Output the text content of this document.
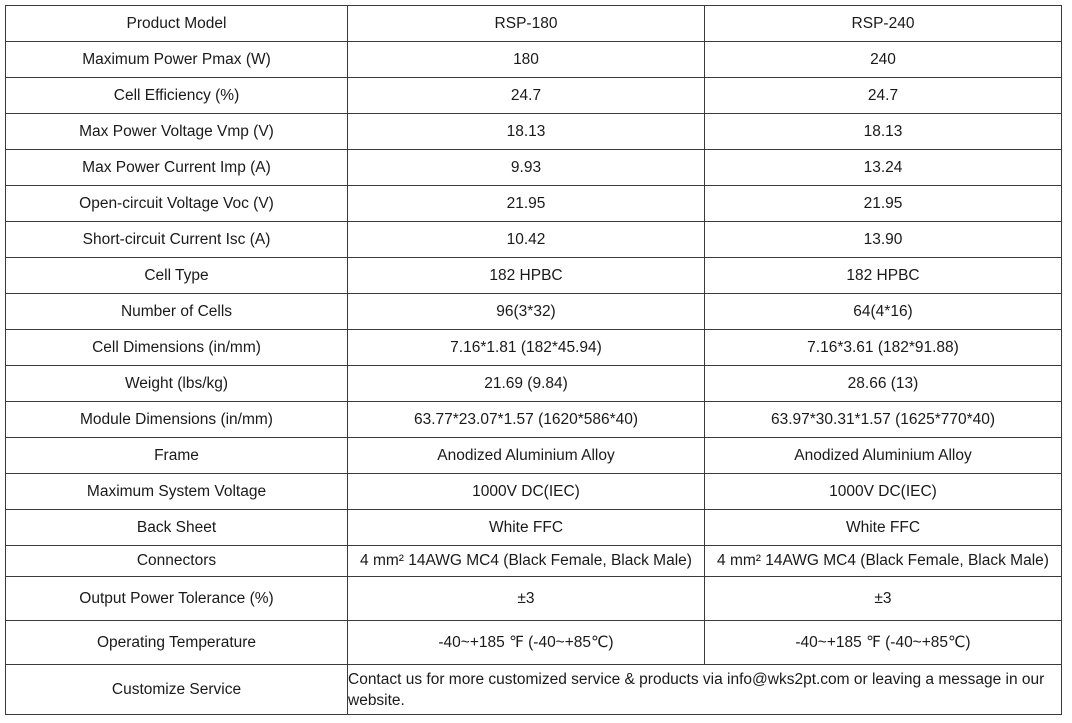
Product Model	RSP-180	RSP-240
Maximum Power Pmax (W)	180	240
Cell Efficiency (%)	24.7	24.7
Max Power Voltage Vmp (V)	18.13	18.13
Max Power Current Imp (A)	9.93	13.24
Open-circuit Voltage Voc (V)	21.95	21.95
Short-circuit Current Isc (A)	10.42	13.90
Cell Type	182 HPBC	182 HPBC
Number of Cells	96(3*32)	64(4*16)
Cell Dimensions (in/mm)	7.16*1.81 (182*45.94)	7.16*3.61 (182*91.88)
Weight (lbs/kg)	21.69 (9.84)	28.66 (13)
Module Dimensions (in/mm)	63.77*23.07*1.57 (1620*586*40)	63.97*30.31*1.57 (1625*770*40)
Frame	Anodized Aluminium Alloy	Anodized Aluminium Alloy
Maximum System Voltage	1000V DC(IEC)	1000V DC(IEC)
Back Sheet	White FFC	White FFC
Connectors	4 mm² 14AWG MC4 (Black Female, Black Male)	4 mm² 14AWG MC4 (Black Female, Black Male)
Output Power Tolerance (%)	±3	±3
Operating Temperature	-40~+185 ℉ (-40~+85℃)	-40~+185 ℉ (-40~+85℃)
Customize Service	Contact us for more customized service & products via info@wks2pt.com or leaving a message in our website.	
